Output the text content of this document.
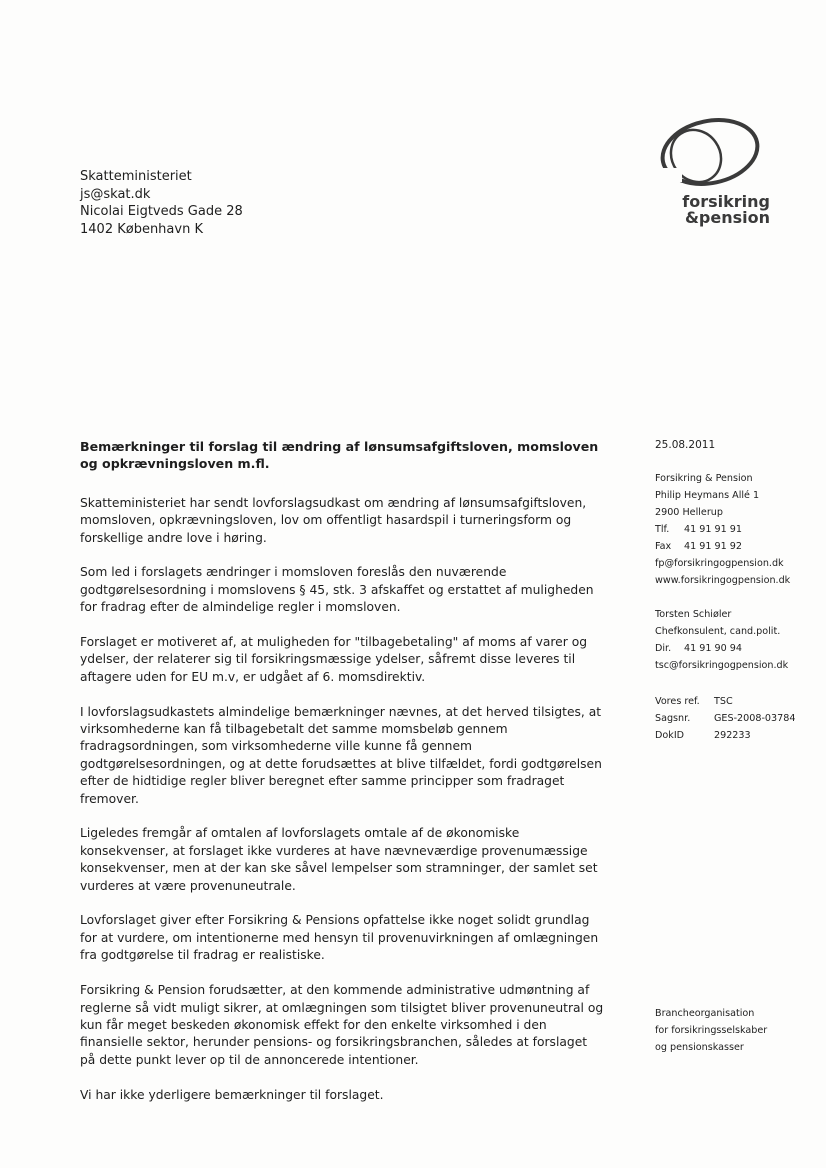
Skatteministeriet
js@skat.dk
Nicolai Eigtveds Gade 28
1402 København K
forsikring
&pension
Bemærkninger til forslag til ændring af lønsumsafgiftsloven, momsloven og opkrævningsloven m.fl.

Skatteministeriet har sendt lovforslagsudkast om ændring af lønsumsafgiftsloven, momsloven, opkrævningsloven, lov om offentligt hasardspil i turneringsform og forskellige andre love i høring.

Som led i forslagets ændringer i momsloven foreslås den nuværende godtgørelsesordning i momslovens § 45, stk. 3 afskaffet og erstattet af muligheden for fradrag efter de almindelige regler i momsloven.

Forslaget er motiveret af, at muligheden for "tilbagebetaling" af moms af varer og ydelser, der relaterer sig til forsikringsmæssige ydelser, såfremt disse leveres til aftagere uden for EU m.v, er udgået af 6. momsdirektiv.

I lovforslagsudkastets almindelige bemærkninger nævnes, at det herved tilsigtes, at virksomhederne kan få tilbagebetalt det samme momsbeløb gennem fradragsordningen, som virksomhederne ville kunne få gennem godtgørelsesordningen, og at dette forudsættes at blive tilfældet, fordi godtgørelsen efter de hidtidige regler bliver beregnet efter samme principper som fradraget fremover.

Ligeledes fremgår af omtalen af lovforslagets omtale af de økonomiske konsekvenser, at forslaget ikke vurderes at have nævneværdige provenumæssige konsekvenser, men at der kan ske såvel lempelser som stramninger, der samlet set vurderes at være provenuneutrale.

Lovforslaget giver efter Forsikring & Pensions opfattelse ikke noget solidt grundlag for at vurdere, om intentionerne med hensyn til provenuvirkningen af omlægningen fra godtgørelse til fradrag er realistiske.

Forsikring & Pension forudsætter, at den kommende administrative udmøntning af reglerne så vidt muligt sikrer, at omlægningen som tilsigtet bliver provenuneutral og kun får meget beskeden økonomisk effekt for den enkelte virksomhed i den finansielle sektor, herunder pensions- og forsikringsbranchen, således at forslaget på dette punkt lever op til de annoncerede intentioner.

Vi har ikke yderligere bemærkninger til forslaget.

25.08.2011
Forsikring & Pension
Philip Heymans Allé 1
2900 Hellerup
Tlf. 41 91 91 91
Fax 41 91 91 92
fp@forsikringogpension.dk
www.forsikringogpension.dk
Torsten Schiøler
Chefkonsulent, cand.polit.
Dir. 41 91 90 94
tsc@forsikringogpension.dk
Vores ref. TSC
Sagsnr. GES-2008-03784
DokID	292233
Brancheorganisation
for forsikringsselskaber
og pensionskasser
